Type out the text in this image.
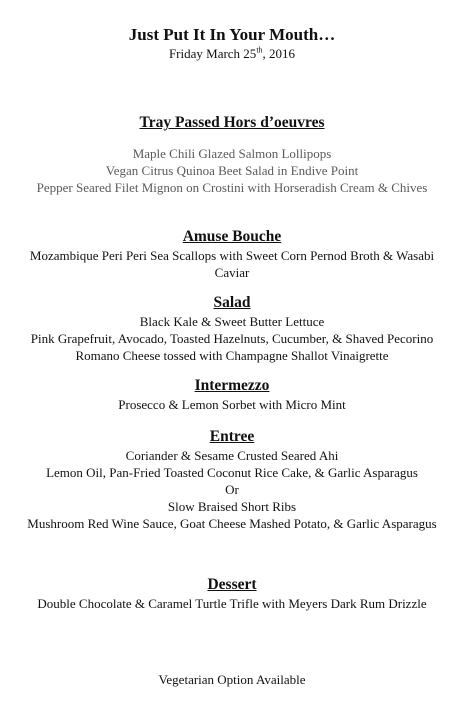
Just Put It In Your Mouth…
Friday March 25th, 2016
Tray Passed Hors d’oeuvres
Maple Chili Glazed Salmon Lollipops
Vegan Citrus Quinoa Beet Salad in Endive Point
Pepper Seared Filet Mignon on Crostini with Horseradish Cream & Chives
Amuse Bouche
Mozambique Peri Peri Sea Scallops with Sweet Corn Pernod Broth & Wasabi Caviar
Salad
Black Kale & Sweet Butter Lettuce
Pink Grapefruit, Avocado, Toasted Hazelnuts, Cucumber, & Shaved Pecorino Romano Cheese tossed with Champagne Shallot Vinaigrette
Intermezzo
Prosecco & Lemon Sorbet with Micro Mint
Entree
Coriander & Sesame Crusted Seared Ahi
Lemon Oil, Pan-Fried Toasted Coconut Rice Cake, & Garlic Asparagus
Or
Slow Braised Short Ribs
Mushroom Red Wine Sauce, Goat Cheese Mashed Potato, & Garlic Asparagus
Dessert
Double Chocolate & Caramel Turtle Trifle with Meyers Dark Rum Drizzle
Vegetarian Option Available
